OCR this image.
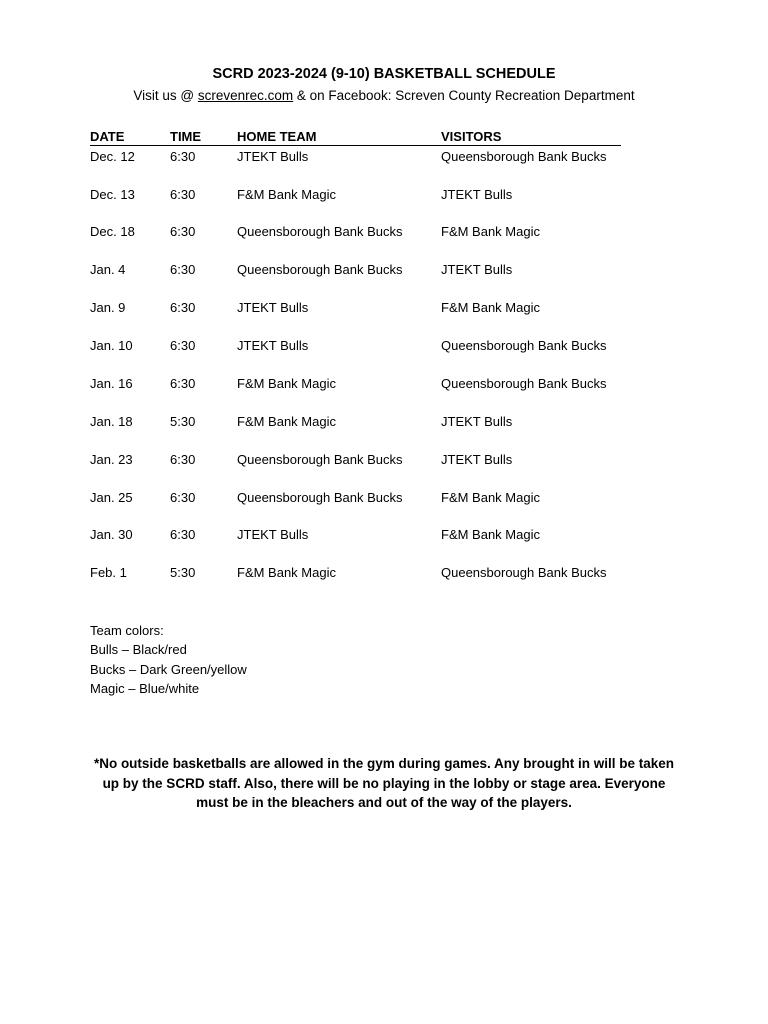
SCRD 2023-2024 (9-10) BASKETBALL SCHEDULE
Visit us @ screvenrec.com & on Facebook: Screven County Recreation Department
DATE	TIME	HOME TEAM	VISITORS
Dec. 12	6:30	JTEKT Bulls	Queensborough Bank Bucks
Dec. 13	6:30	F&M Bank Magic	JTEKT Bulls
Dec. 18	6:30	Queensborough Bank Bucks	F&M Bank Magic
Jan. 4	6:30	Queensborough Bank Bucks	JTEKT Bulls
Jan. 9	6:30	JTEKT Bulls	F&M Bank Magic
Jan. 10	6:30	JTEKT Bulls	Queensborough Bank Bucks
Jan. 16	6:30	F&M Bank Magic	Queensborough Bank Bucks
Jan. 18	5:30	F&M Bank Magic	JTEKT Bulls
Jan. 23	6:30	Queensborough Bank Bucks	JTEKT Bulls
Jan. 25	6:30	Queensborough Bank Bucks	F&M Bank Magic
Jan. 30	6:30	JTEKT Bulls	F&M Bank Magic
Feb. 1	5:30	F&M Bank Magic	Queensborough Bank Bucks
Team colors:
Bulls – Black/red
Bucks – Dark Green/yellow
Magic – Blue/white
*No outside basketballs are allowed in the gym during games. Any brought in will be taken up by the SCRD staff. Also, there will be no playing in the lobby or stage area. Everyone must be in the bleachers and out of the way of the players.
